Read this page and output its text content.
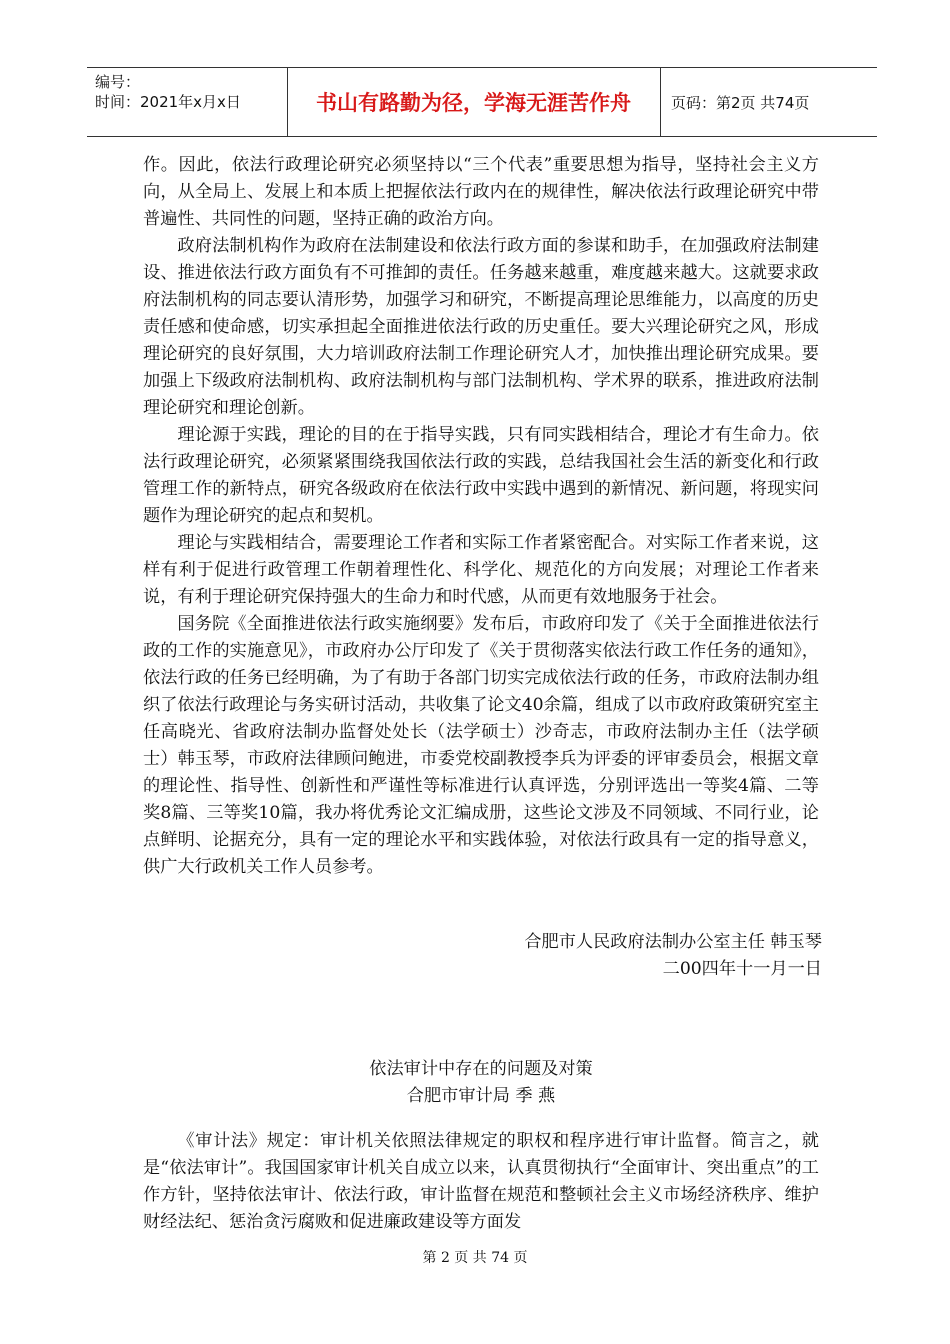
编号：
时间：2021年x月x日	书山有路勤为径，学海无涯苦作舟	页码：第2页 共74页

作。因此，依法行政理论研究必须坚持以“三个代表”重要思想为指导，坚持社会主义方向，从全局上、发展上和本质上把握依法行政内在的规律性，解决依法行政理论研究中带普遍性、共同性的问题，坚持正确的政治方向。

政府法制机构作为政府在法制建设和依法行政方面的参谋和助手，在加强政府法制建设、推进依法行政方面负有不可推卸的责任。任务越来越重，难度越来越大。这就要求政府法制机构的同志要认清形势，加强学习和研究，不断提高理论思维能力，以高度的历史责任感和使命感，切实承担起全面推进依法行政的历史重任。要大兴理论研究之风，形成理论研究的良好氛围，大力培训政府法制工作理论研究人才，加快推出理论研究成果。要加强上下级政府法制机构、政府法制机构与部门法制机构、学术界的联系，推进政府法制理论研究和理论创新。

理论源于实践，理论的目的在于指导实践，只有同实践相结合，理论才有生命力。依法行政理论研究，必须紧紧围绕我国依法行政的实践，总结我国社会生活的新变化和行政管理工作的新特点，研究各级政府在依法行政中实践中遇到的新情况、新问题，将现实问题作为理论研究的起点和契机。

理论与实践相结合，需要理论工作者和实际工作者紧密配合。对实际工作者来说，这样有利于促进行政管理工作朝着理性化、科学化、规范化的方向发展；对理论工作者来说，有利于理论研究保持强大的生命力和时代感，从而更有效地服务于社会。

国务院《全面推进依法行政实施纲要》发布后，市政府印发了《关于全面推进依法行政的工作的实施意见》，市政府办公厅印发了《关于贯彻落实依法行政工作任务的通知》，依法行政的任务已经明确，为了有助于各部门切实完成依法行政的任务，市政府法制办组织了依法行政理论与务实研讨活动，共收集了论文40余篇，组成了以市政府政策研究室主任高晓光、省政府法制办监督处处长（法学硕士）沙奇志，市政府法制办主任（法学硕士）韩玉琴，市政府法律顾问鲍进，市委党校副教授李兵为评委的评审委员会，根据文章的理论性、指导性、创新性和严谨性等标准进行认真评选，分别评选出一等奖4篇、二等奖8篇、三等奖10篇，我办将优秀论文汇编成册，这些论文涉及不同领域、不同行业，论点鲜明、论据充分，具有一定的理论水平和实践体验，对依法行政具有一定的指导意义，供广大行政机关工作人员参考。

合肥市人民政府法制办公室主任 韩玉琴
二00四年十一月一日
依法审计中存在的问题及对策
合肥市审计局 季 燕

《审计法》规定：审计机关依照法律规定的职权和程序进行审计监督。简言之，就是“依法审计”。我国国家审计机关自成立以来，认真贯彻执行“全面审计、突出重点”的工作方针，坚持依法审计、依法行政，审计监督在规范和整顿社会主义市场经济秩序、维护财经法纪、惩治贪污腐败和促进廉政建设等方面发

第 2 页 共 74 页
